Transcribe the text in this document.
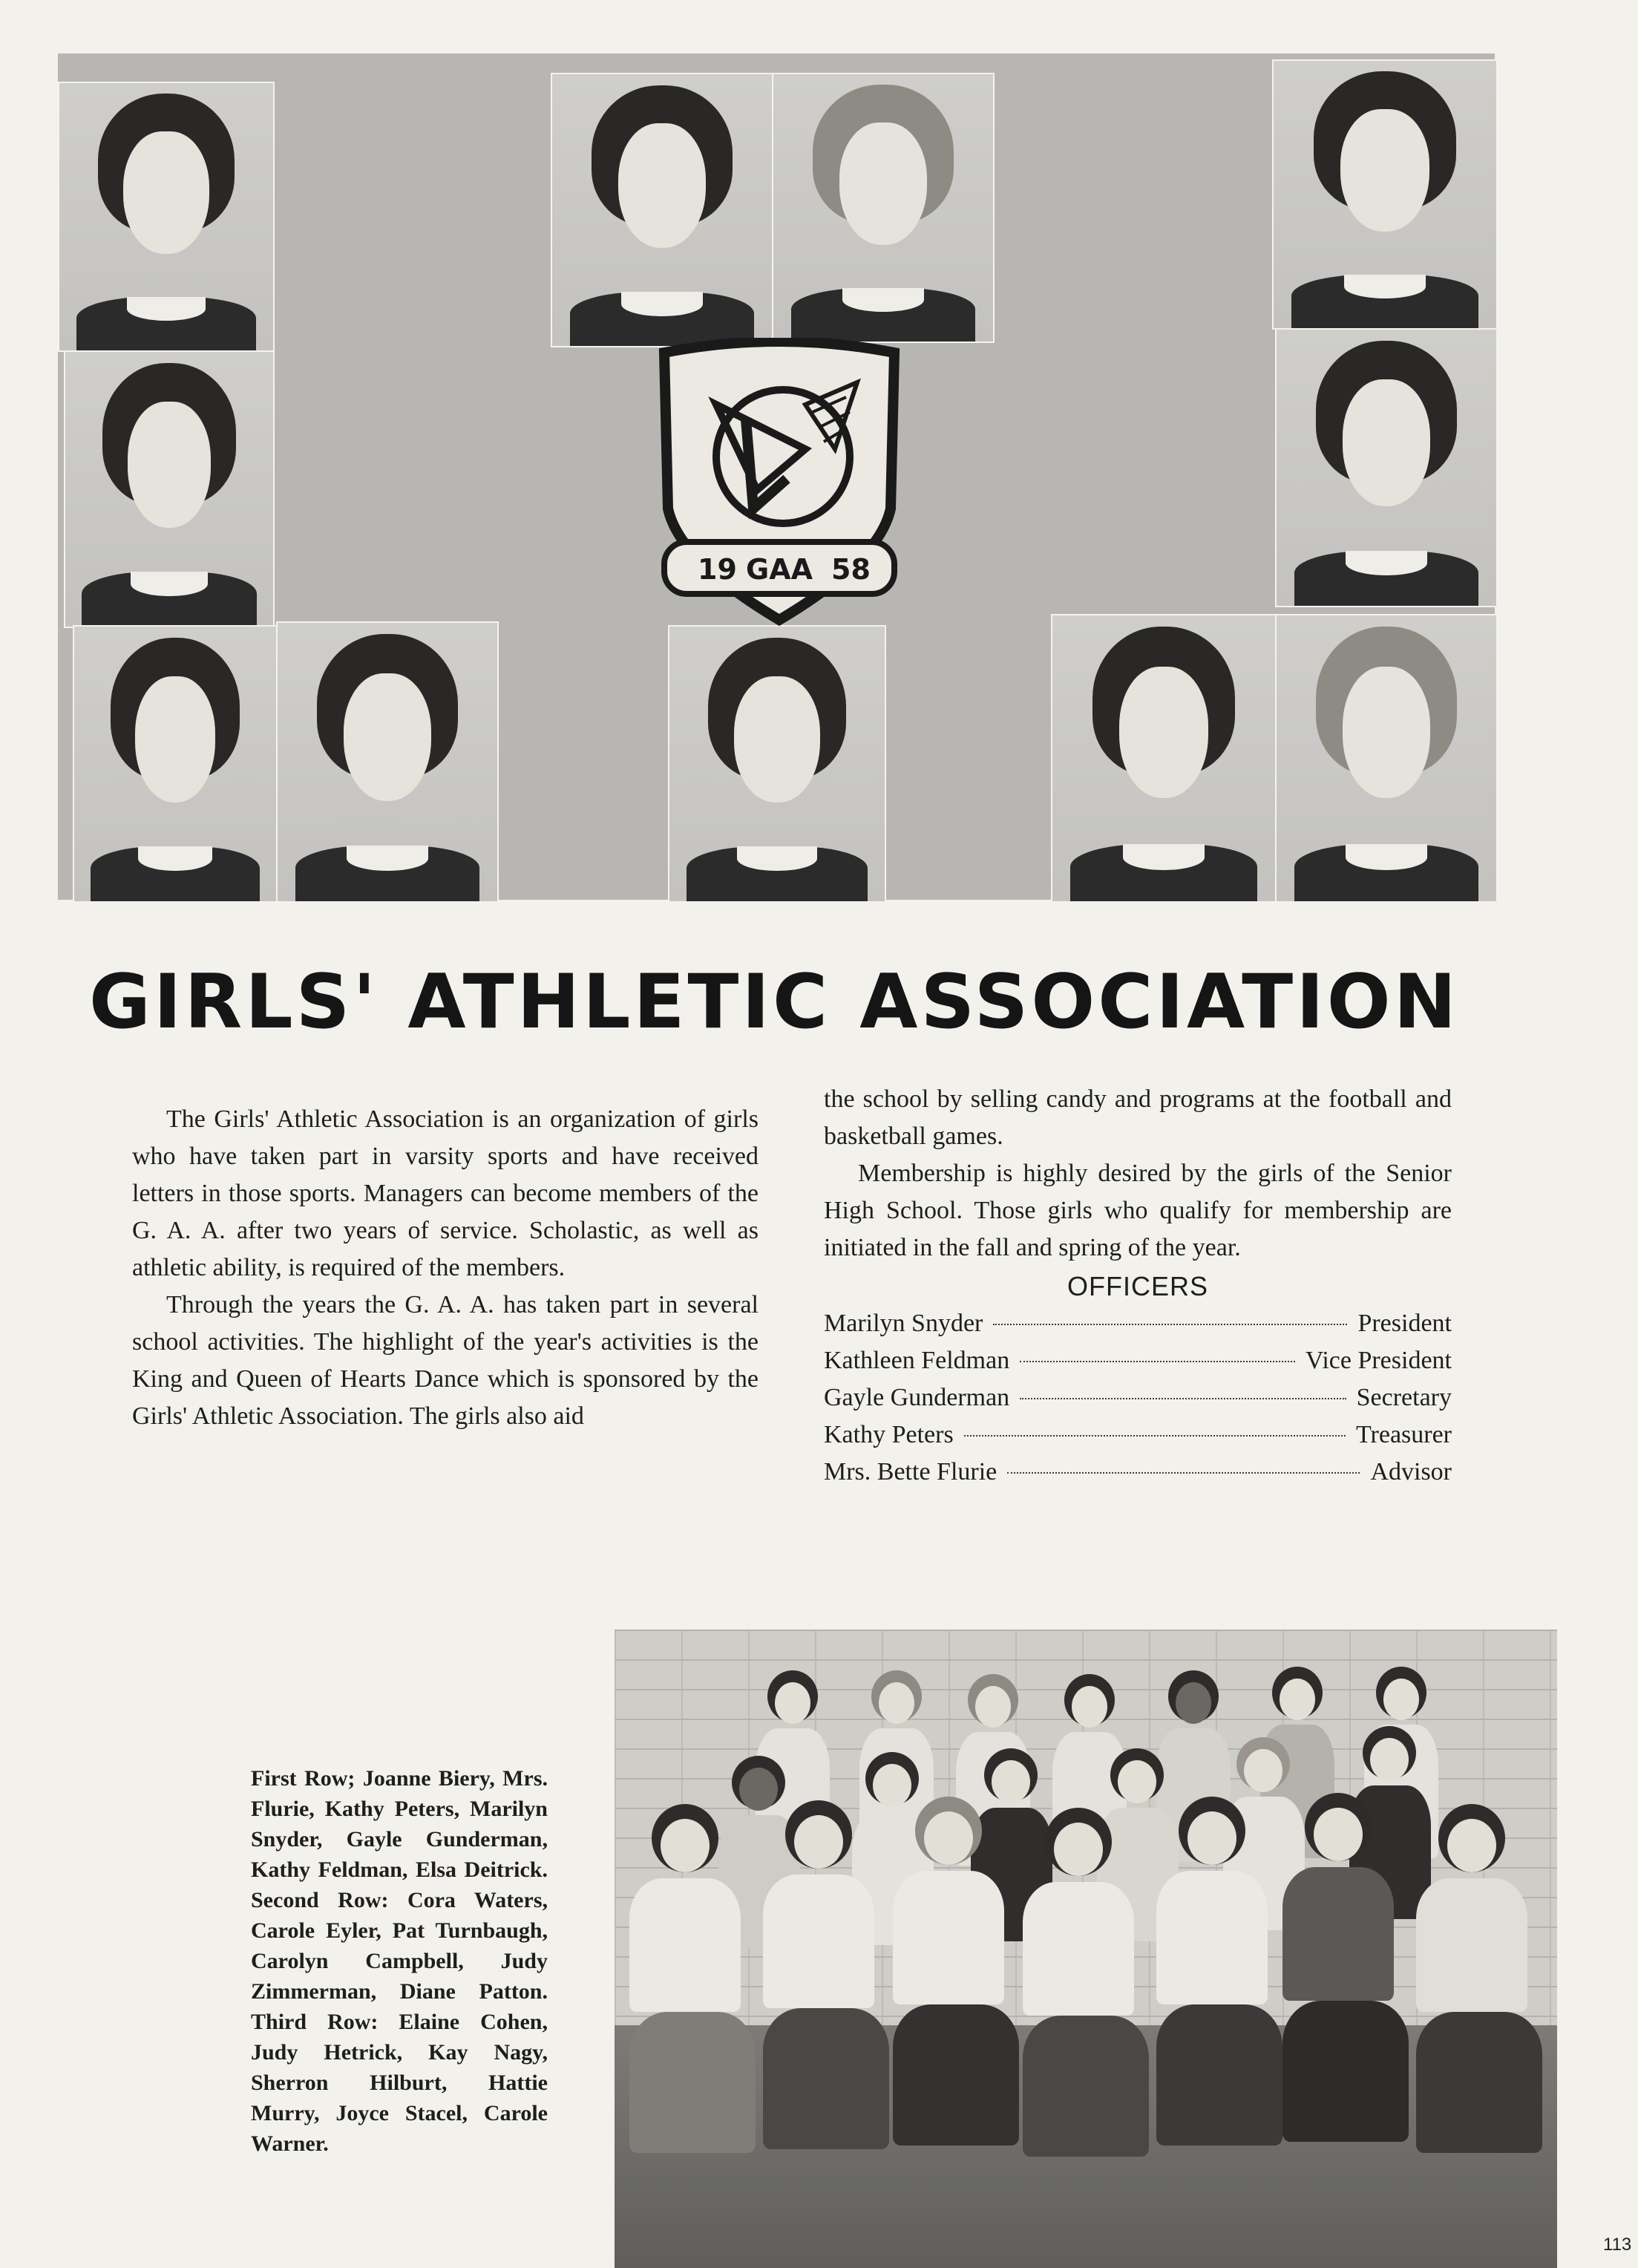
19 GAA 58
GIRLS' ATHLETIC ASSOCIATION

The Girls' Athletic Association is an organization of girls who have taken part in varsity sports and have received letters in those sports. Managers can become members of the G. A. A. after two years of service. Scholastic, as well as athletic ability, is required of the members.

Through the years the G. A. A. has taken part in several school activities. The highlight of the year's activities is the King and Queen of Hearts Dance which is sponsored by the Girls' Athletic Association. The girls also aid

the school by selling candy and programs at the football and basketball games.

Membership is highly desired by the girls of the Senior High School. Those girls who qualify for membership are initiated in the fall and spring of the year.

OFFICERS
Marilyn Snyder	President
Kathleen Feldman	Vice President
Gayle Gunderman	Secretary
Kathy Peters	Treasurer
Mrs. Bette Flurie	Advisor
First Row; Joanne Biery, Mrs. Flurie, Kathy Peters, Marilyn Snyder, Gayle Gunderman, Kathy Feldman, Elsa Deitrick. Second Row: Cora Waters, Carole Eyler, Pat Turnbaugh, Carolyn Campbell, Judy Zimmerman, Diane Patton. Third Row: Elaine Cohen, Judy Hetrick, Kay Nagy, Sherron Hilburt, Hattie Murry, Joyce Stacel, Carole Warner.
113
